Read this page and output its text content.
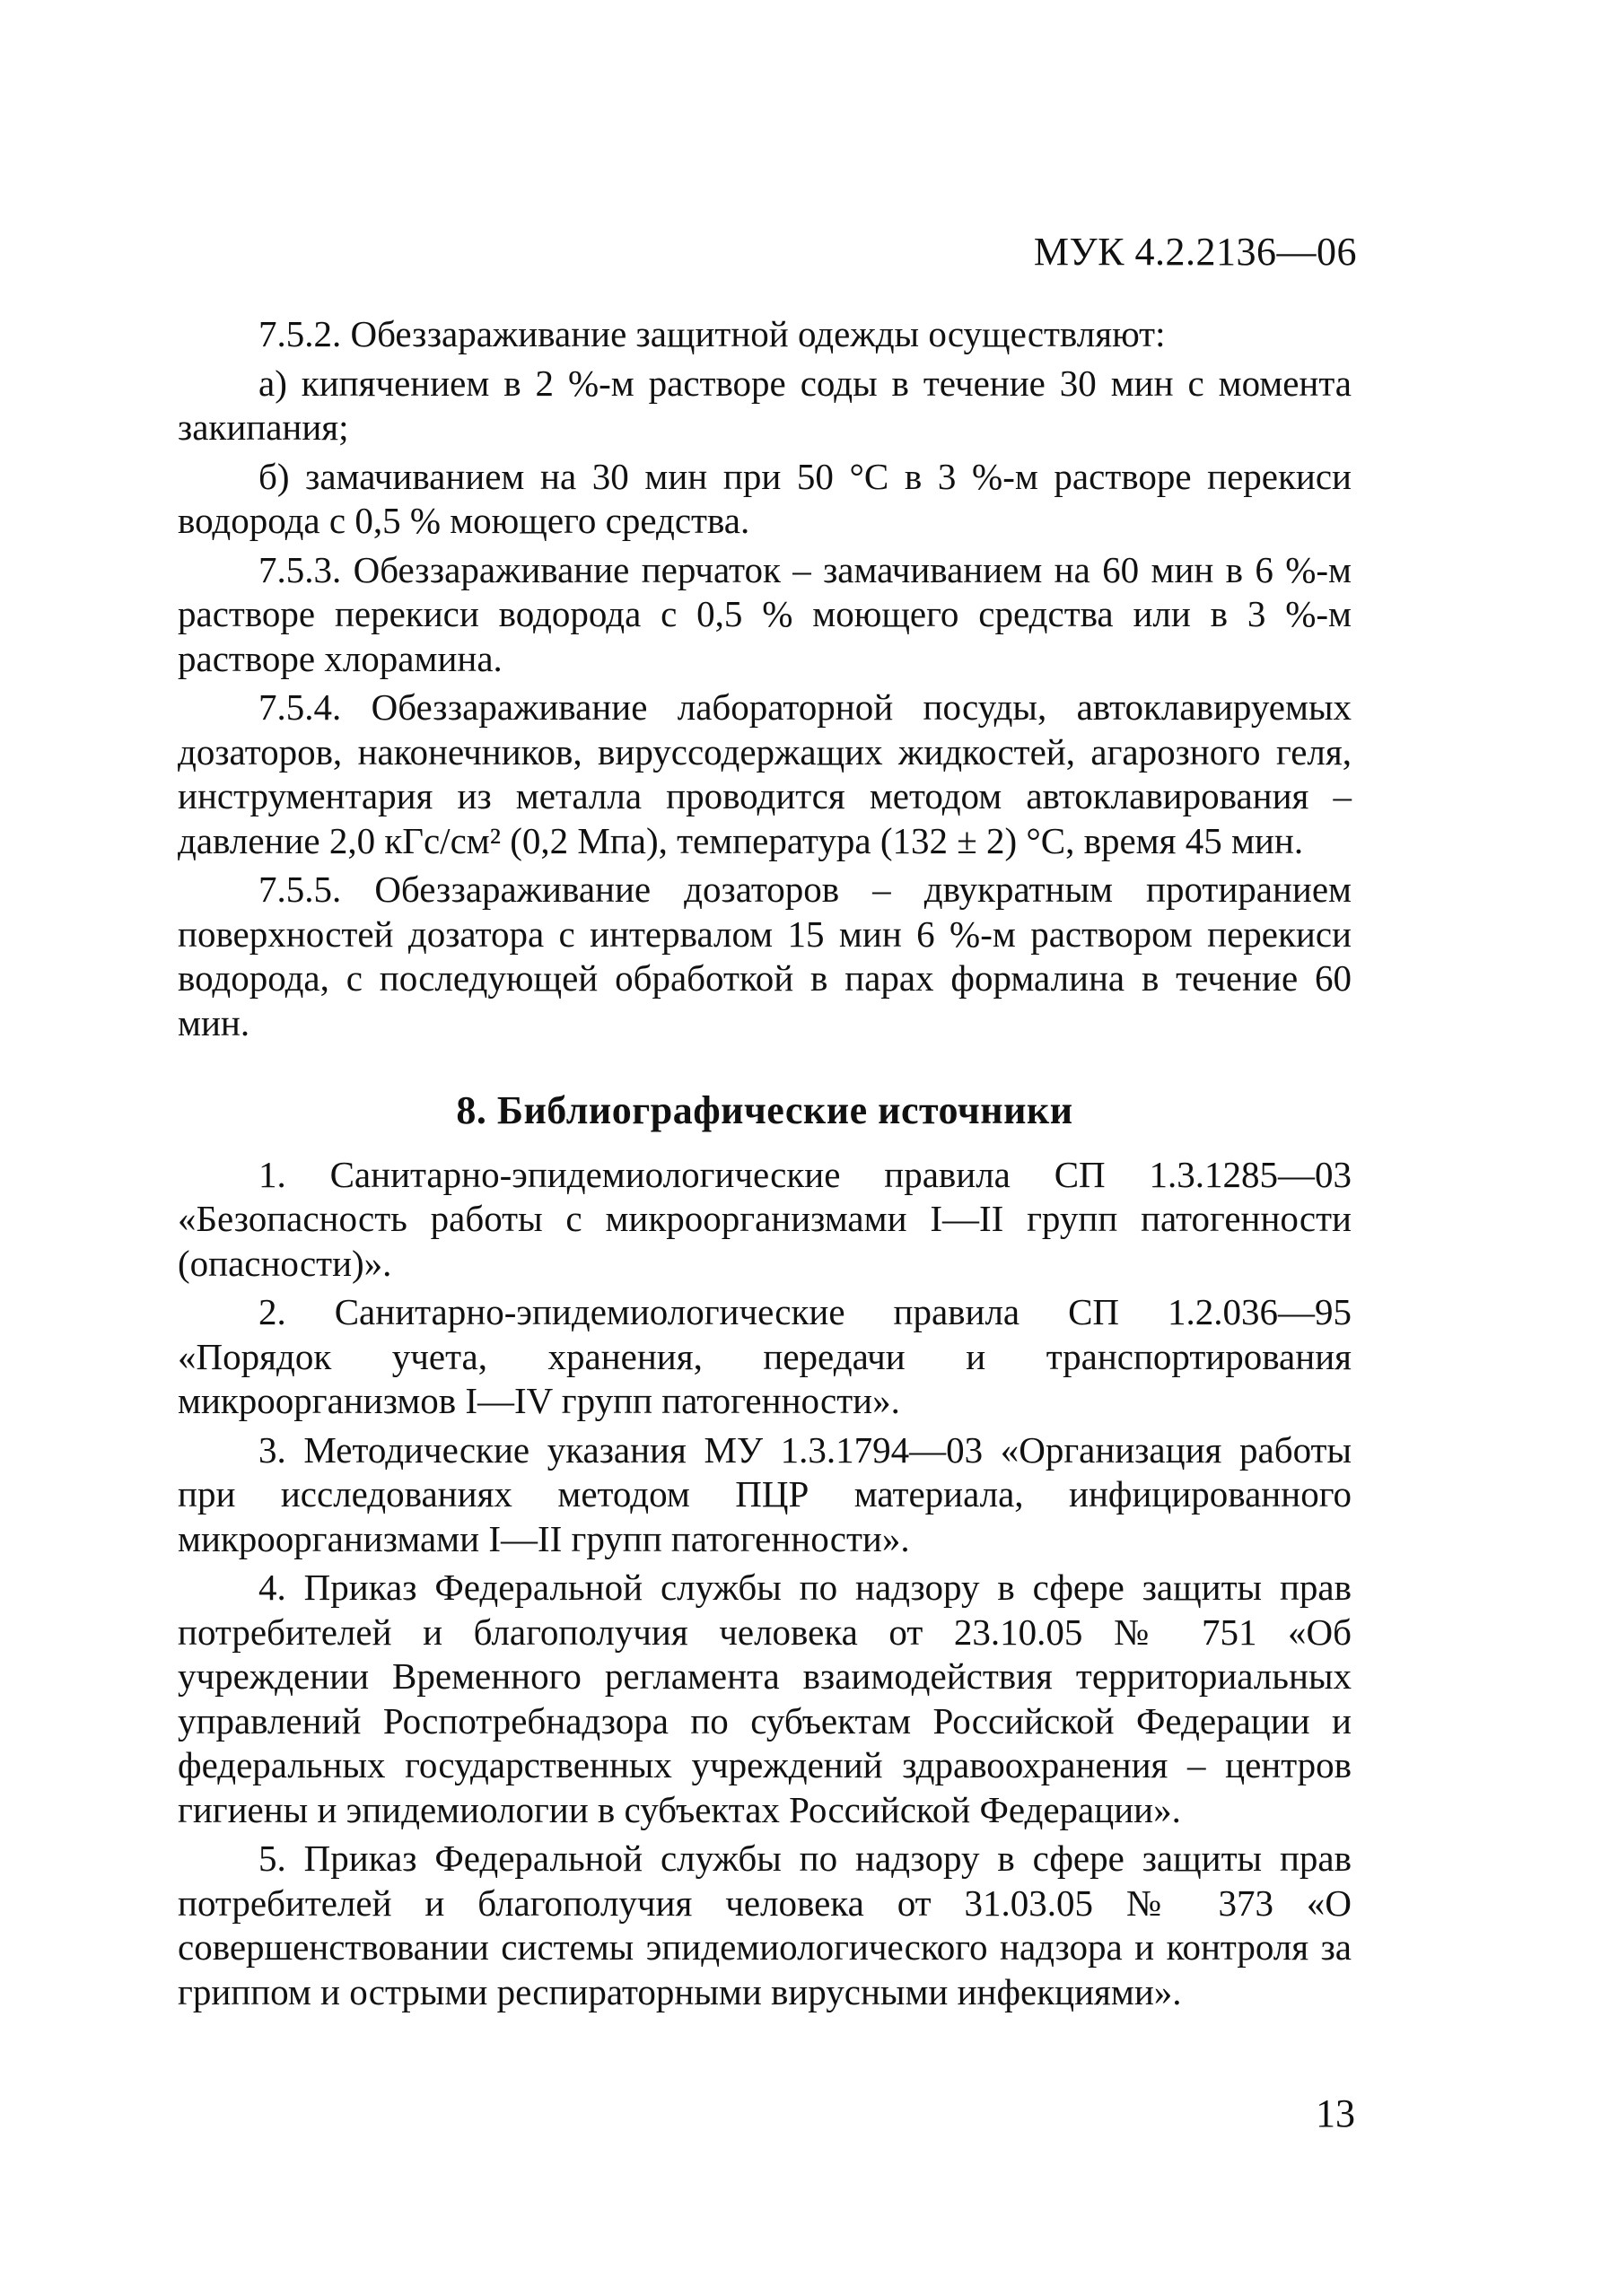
МУК 4.2.2136—06

7.5.2. Обеззараживание защитной одежды осуществляют:

а) кипячением в 2 %-м растворе соды в течение 30 мин с момента закипания;

б) замачиванием на 30 мин при 50 °С в 3 %-м растворе перекиси водорода с 0,5 % моющего средства.

7.5.3. Обеззараживание перчаток – замачиванием на 60 мин в 6 %-м растворе перекиси водорода с 0,5 % моющего средства или в 3 %-м растворе хлорамина.

7.5.4. Обеззараживание лабораторной посуды, автоклавируемых дозаторов, наконечников, вируссодержащих жидкостей, агарозного геля, инструментария из металла проводится методом автоклавирования – давление 2,0 кГс/см² (0,2 Мпа), температура (132 ± 2) °С, время 45 мин.

7.5.5. Обеззараживание дозаторов – двукратным протиранием поверхностей дозатора с интервалом 15 мин 6 %-м раствором перекиси водорода, с последующей обработкой в парах формалина в течение 60 мин.

8. Библиографические источники

1. Санитарно-эпидемиологические правила СП 1.3.1285—03 «Безопасность работы с микроорганизмами I—II групп патогенности (опасности)».

2. Санитарно-эпидемиологические правила СП 1.2.036—95 «Порядок учета, хранения, передачи и транспортирования микроорганизмов I—IV групп патогенности».

3. Методические указания МУ 1.3.1794—03 «Организация работы при исследованиях методом ПЦР материала, инфицированного микроорганизмами I—II групп патогенности».

4. Приказ Федеральной службы по надзору в сфере защиты прав потребителей и благополучия человека от 23.10.05 № 751 «Об учреждении Временного регламента взаимодействия территориальных управлений Роспотребнадзора по субъектам Российской Федерации и федеральных государственных учреждений здравоохранения – центров гигиены и эпидемиологии в субъектах Российской Федерации».

5. Приказ Федеральной службы по надзору в сфере защиты прав потребителей и благополучия человека от 31.03.05 № 373 «О совершенствовании системы эпидемиологического надзора и контроля за гриппом и острыми респираторными вирусными инфекциями».

13
